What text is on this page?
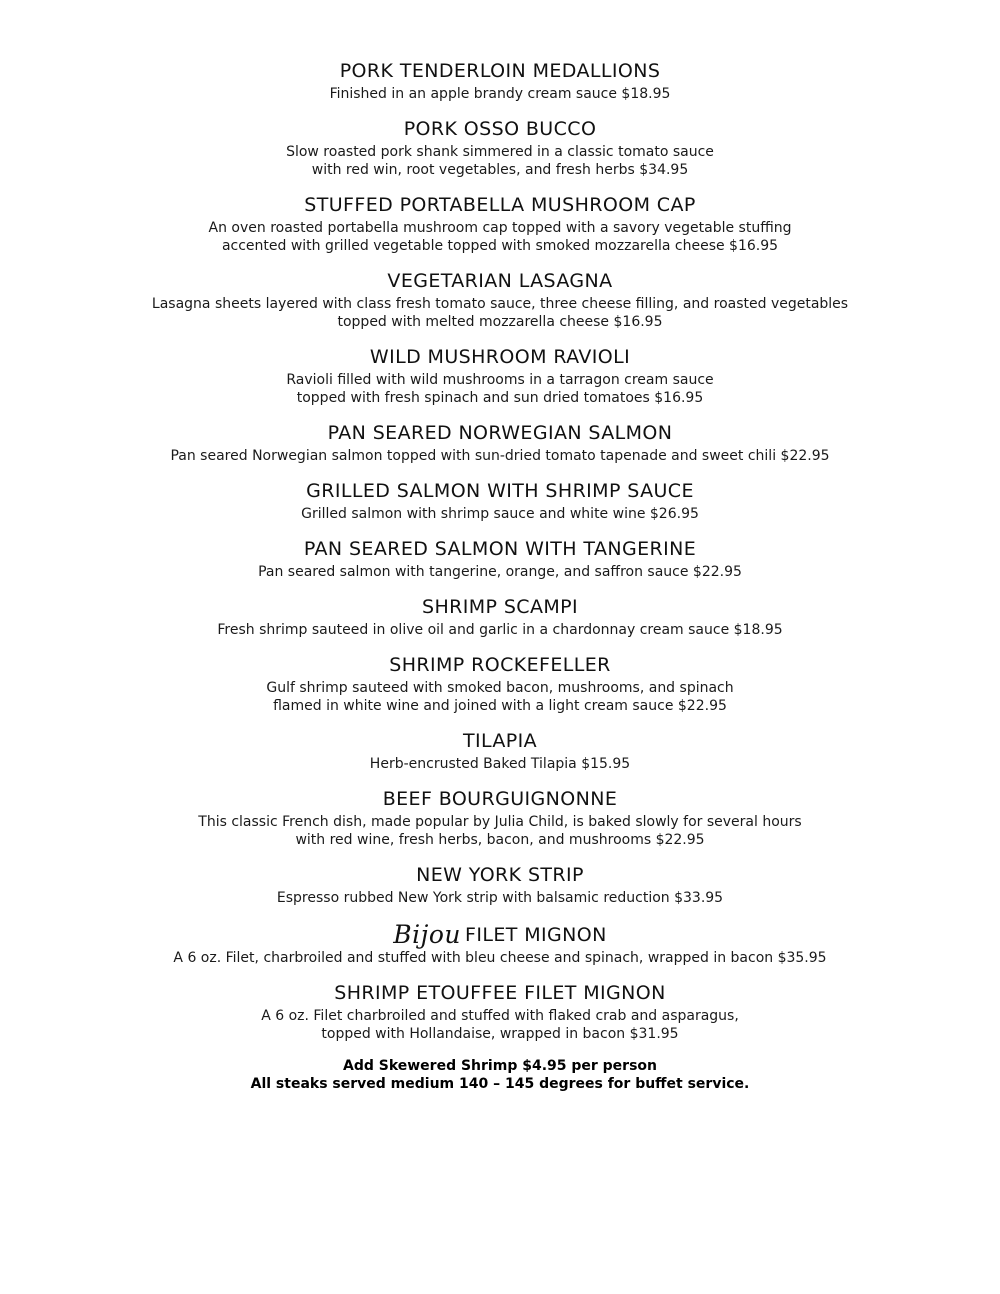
PORK TENDERLOIN MEDALLIONS
Finished in an apple brandy cream sauce $18.95
PORK OSSO BUCCO
Slow roasted pork shank simmered in a classic tomato sauce
with red win, root vegetables, and fresh herbs $34.95
STUFFED PORTABELLA MUSHROOM CAP
An oven roasted portabella mushroom cap topped with a savory vegetable stuffing
accented with grilled vegetable topped with smoked mozzarella cheese $16.95
VEGETARIAN LASAGNA
Lasagna sheets layered with class fresh tomato sauce, three cheese filling, and roasted vegetables
topped with melted mozzarella cheese $16.95
WILD MUSHROOM RAVIOLI
Ravioli filled with wild mushrooms in a tarragon cream sauce
topped with fresh spinach and sun dried tomatoes $16.95
PAN SEARED NORWEGIAN SALMON
Pan seared Norwegian salmon topped with sun-dried tomato tapenade and sweet chili $22.95
GRILLED SALMON WITH SHRIMP SAUCE
Grilled salmon with shrimp sauce and white wine $26.95
PAN SEARED SALMON WITH TANGERINE
Pan seared salmon with tangerine, orange, and saffron sauce $22.95
SHRIMP SCAMPI
Fresh shrimp sauteed in olive oil and garlic in a chardonnay cream sauce $18.95
SHRIMP ROCKEFELLER
Gulf shrimp sauteed with smoked bacon, mushrooms, and spinach
flamed in white wine and joined with a light cream sauce $22.95
TILAPIA
Herb-encrusted Baked Tilapia $15.95
BEEF BOURGUIGNONNE
This classic French dish, made popular by Julia Child, is baked slowly for several hours
with red wine, fresh herbs, bacon, and mushrooms $22.95
NEW YORK STRIP
Espresso rubbed New York strip with balsamic reduction $33.95
Bijou FILET MIGNON
A 6 oz. Filet, charbroiled and stuffed with bleu cheese and spinach, wrapped in bacon $35.95
SHRIMP ETOUFFEE FILET MIGNON
A 6 oz. Filet charbroiled and stuffed with flaked crab and asparagus,
topped with Hollandaise, wrapped in bacon $31.95
Add Skewered Shrimp $4.95 per person
All steaks served medium 140 – 145 degrees for buffet service.
